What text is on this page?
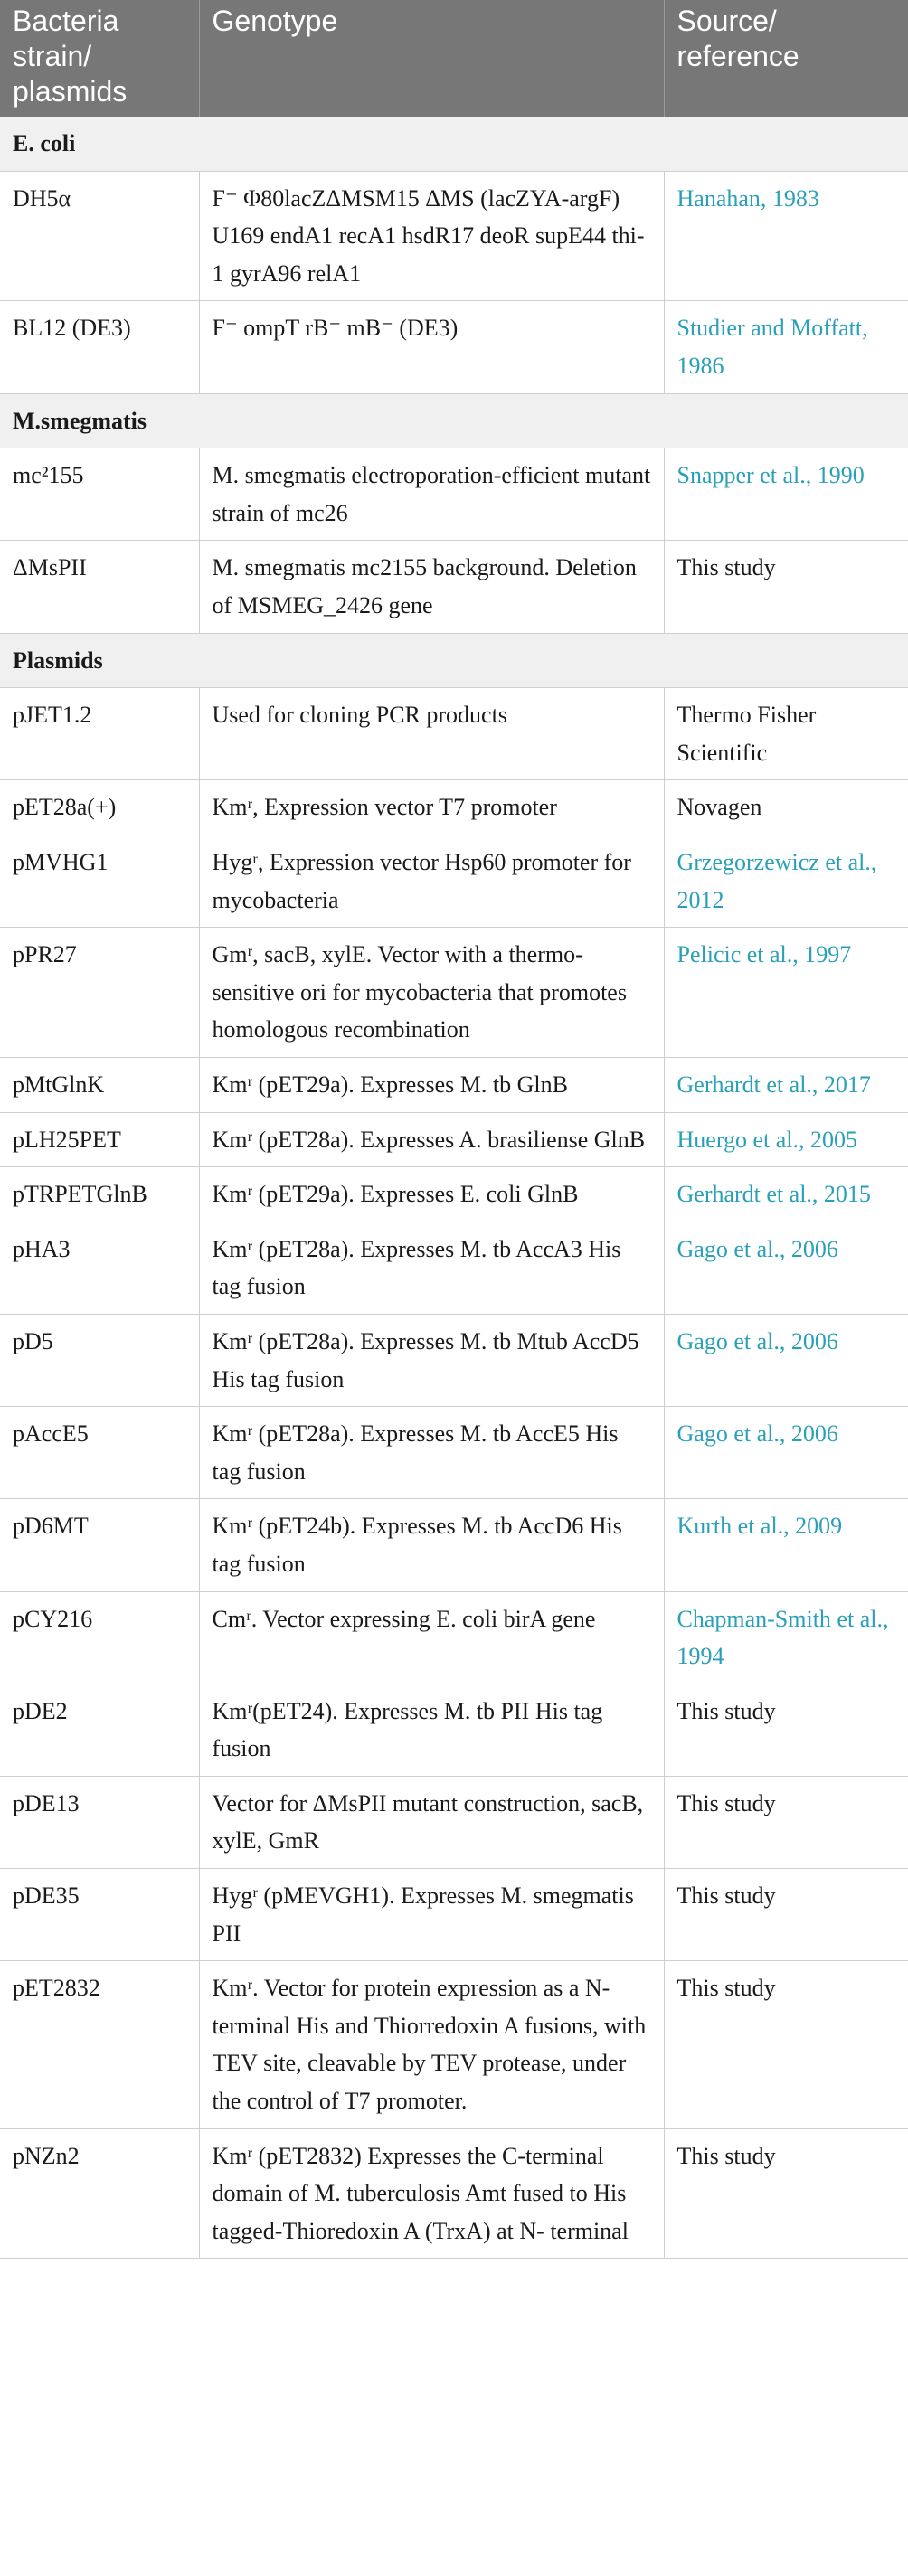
Bacteria strain/ plasmids	Genotype	Source/ reference
E. coli		
DH5α	F⁻ Φ80lacZΔMSM15 ΔMS (lacZYA-argF) U169 endA1 recA1 hsdR17 deoR supE44 thi-1 gyrA96 relA1	Hanahan, 1983
BL12 (DE3)	F⁻ ompT rB⁻ mB⁻ (DE3)	Studier and Moffatt, 1986
M.smegmatis		
mc²155	M. smegmatis electroporation-efficient mutant strain of mc26	Snapper et al., 1990
ΔMsPII	M. smegmatis mc2155 background. Deletion of MSMEG_2426 gene	This study
Plasmids		
pJET1.2	Used for cloning PCR products	Thermo Fisher Scientific
pET28a(+)	Kmʳ, Expression vector T7 promoter	Novagen
pMVHG1	Hygʳ, Expression vector Hsp60 promoter for mycobacteria	Grzegorzewicz et al., 2012
pPR27	Gmʳ, sacB, xylE. Vector with a thermo-sensitive ori for mycobacteria that promotes homologous recombination	Pelicic et al., 1997
pMtGlnK	Kmʳ (pET29a). Expresses M. tb GlnB	Gerhardt et al., 2017
pLH25PET	Kmʳ (pET28a). Expresses A. brasiliense GlnB	Huergo et al., 2005
pTRPETGlnB	Kmʳ (pET29a). Expresses E. coli GlnB	Gerhardt et al., 2015
pHA3	Kmʳ (pET28a). Expresses M. tb AccA3 His tag fusion	Gago et al., 2006
pD5	Kmʳ (pET28a). Expresses M. tb Mtub AccD5 His tag fusion	Gago et al., 2006
pAccE5	Kmʳ (pET28a). Expresses M. tb AccE5 His tag fusion	Gago et al., 2006
pD6MT	Kmʳ (pET24b). Expresses M. tb AccD6 His tag fusion	Kurth et al., 2009
pCY216	Cmʳ. Vector expressing E. coli birA gene	Chapman-Smith et al., 1994
pDE2	Kmʳ(pET24). Expresses M. tb PII His tag fusion	This study
pDE13	Vector for ΔMsPII mutant construction, sacB, xylE, GmR	This study
pDE35	Hygʳ (pMEVGH1). Expresses M. smegmatis PII	This study
pET2832	Kmʳ. Vector for protein expression as a N-terminal His and Thiorredoxin A fusions, with TEV site, cleavable by TEV protease, under the control of T7 promoter.	This study
pNZn2	Kmʳ (pET2832) Expresses the C-terminal domain of M. tuberculosis Amt fused to His tagged-Thioredoxin A (TrxA) at N- terminal	This study
